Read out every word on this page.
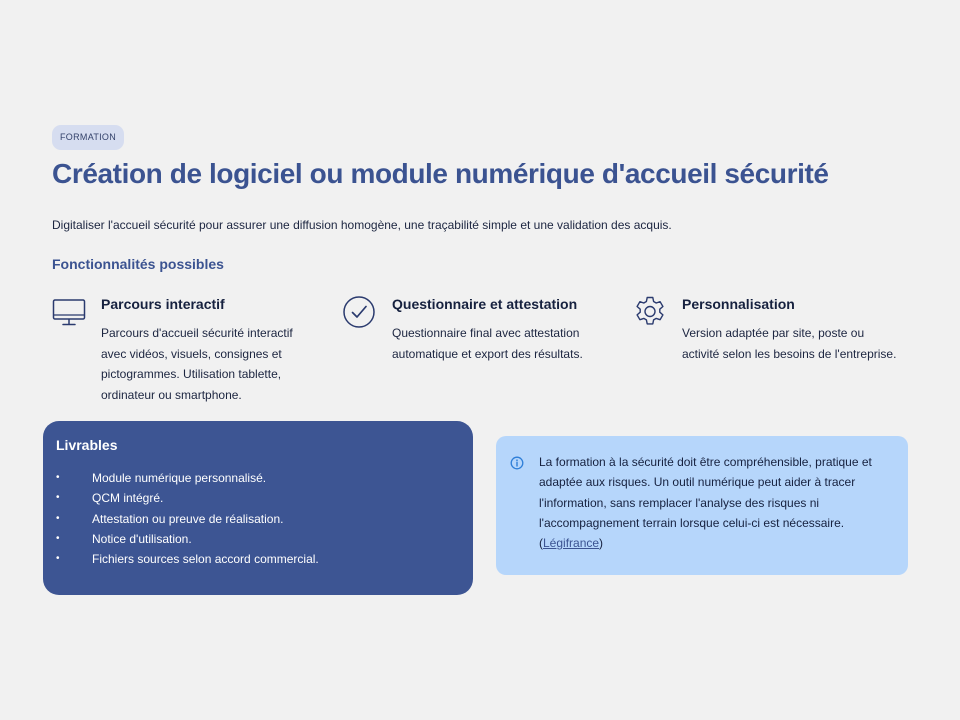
FORMATION
Création de logiciel ou module numérique d'accueil sécurité

Digitaliser l'accueil sécurité pour assurer une diffusion homogène, une traçabilité simple et une validation des acquis.

Fonctionnalités possibles
Parcours interactif

Parcours d'accueil sécurité interactif
avec vidéos, visuels, consignes et
pictogrammes. Utilisation tablette,
ordinateur ou smartphone.

Questionnaire et attestation

Questionnaire final avec attestation
automatique et export des résultats.

Personnalisation

Version adaptée par site, poste ou
activité selon les besoins de l'entreprise.

Livrables
•	Module numérique personnalisé.
•	QCM intégré.
•	Attestation ou preuve de réalisation.
•	Notice d'utilisation.
•	Fichiers sources selon accord commercial.

La formation à la sécurité doit être compréhensible, pratique et
adaptée aux risques. Un outil numérique peut aider à tracer
l'information, sans remplacer l'analyse des risques ni
l'accompagnement terrain lorsque celui-ci est nécessaire.
(Légifrance)
